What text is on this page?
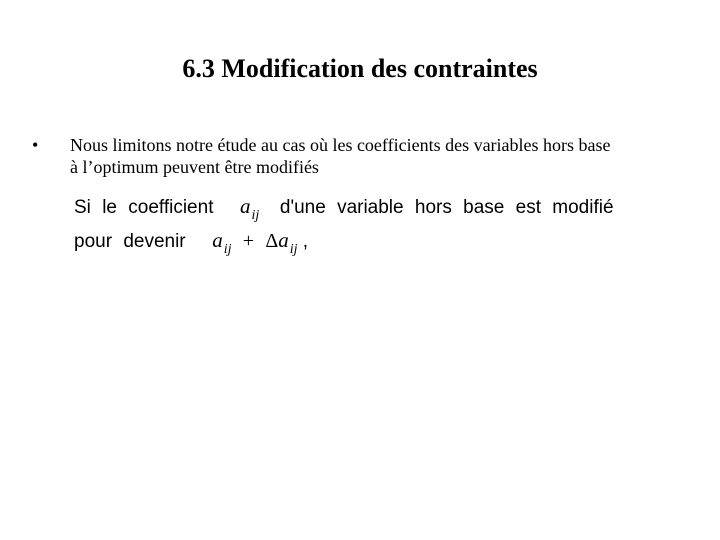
6.3 Modification des contraintes
•	Nous limitons notre étude au cas où les coefficients des variables hors base
à l’optimum peuvent être modifiés
Si le coefficient $a_{ij}$ d'une variable hors base est modifié
pour devenir $a_{ij} + \Delta a_{ij}$ ,
